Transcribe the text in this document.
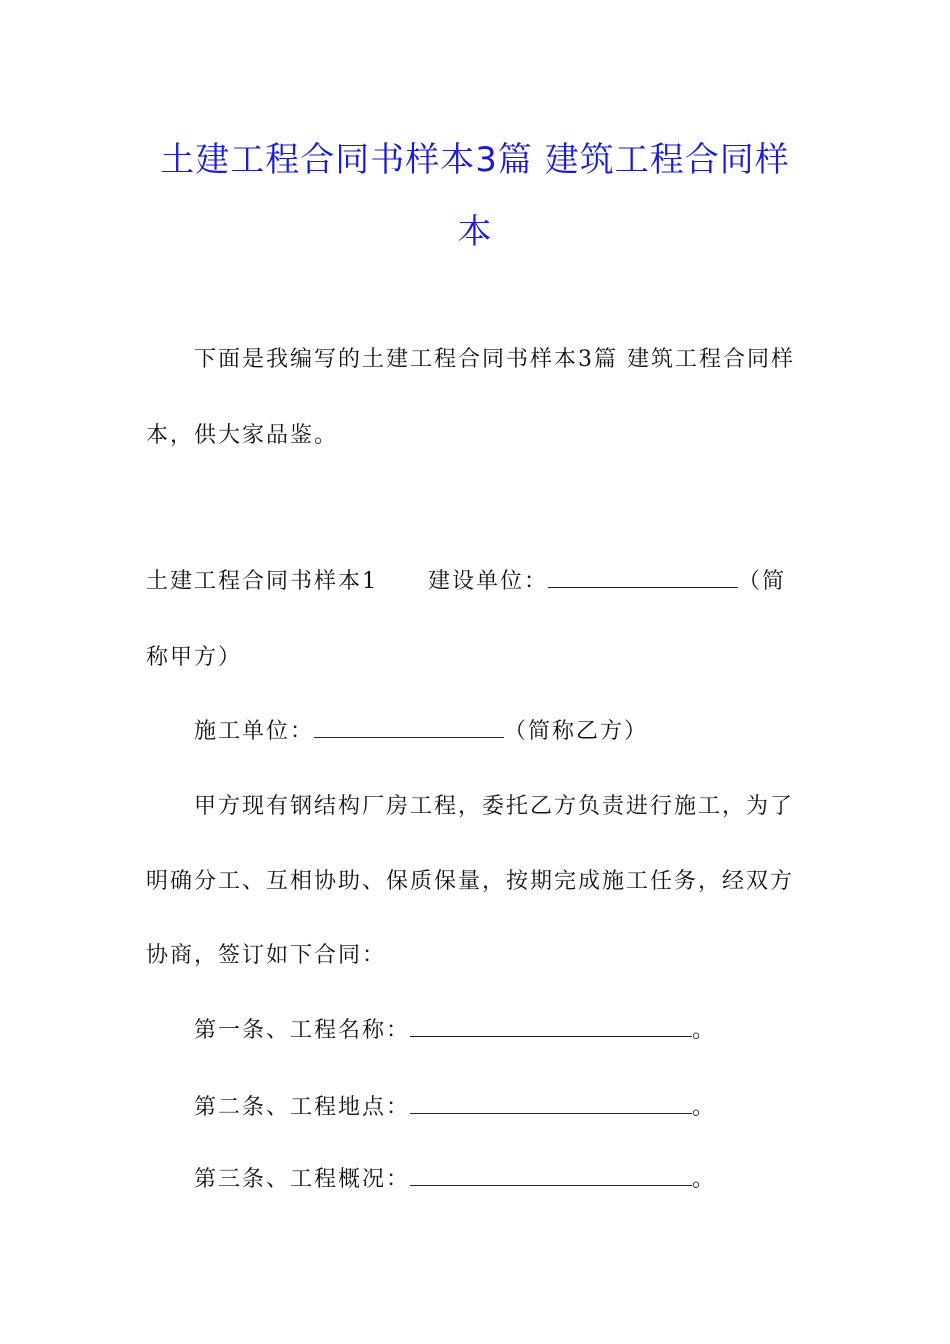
土建工程合同书样本3篇 建筑工程合同样
本
下面是我编写的土建工程合同书样本3篇 建筑工程合同样
本，供大家品鉴。
土建工程合同书样本1 建设单位：	（简
称甲方）
施工单位：	（简称乙方）
甲方现有钢结构厂房工程，委托乙方负责进行施工，为了
明确分工、互相协助、保质保量，按期完成施工任务，经双方
协商，签订如下合同：
第一条、工程名称：	。
第二条、工程地点：	。
第三条、工程概况：	。
